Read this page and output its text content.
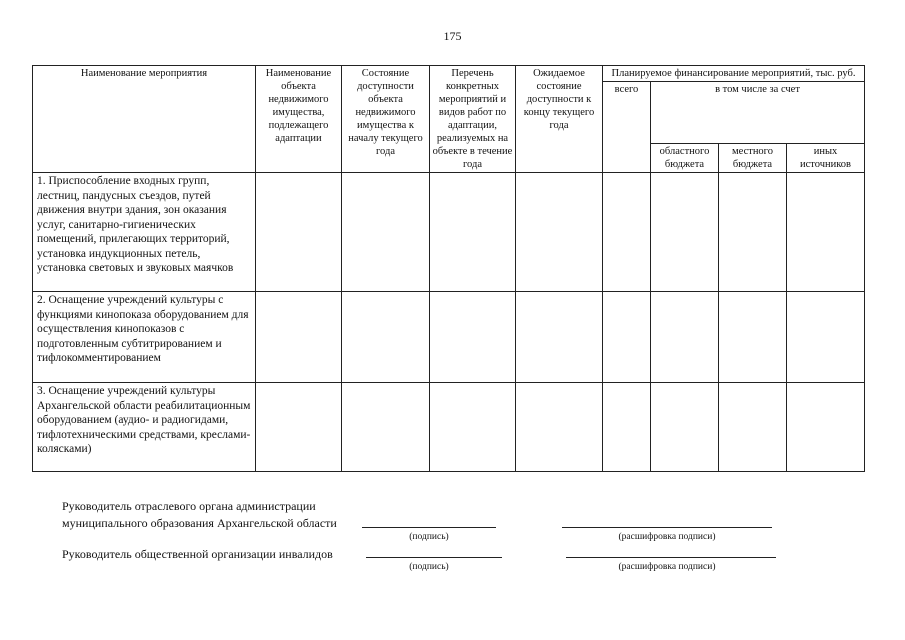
175
Наименование мероприятия	Наименование объекта недвижимого имущества, подлежащего адаптации	Состояние доступности объекта недвижимого имущества к началу текущего года	Перечень конкретных мероприятий и видов работ по адаптации, реализуемых на объекте в течение года	Ожидаемое состояние доступности к концу текущего года	Планируемое финансирование мероприятий, тыс. руб.			
					всего	в том числе за счет		
						областного бюджета	местного бюджета	иных источников
1. Приспособление входных групп, лестниц, пандусных съездов, путей движения внутри здания, зон оказания услуг, санитарно-гигиенических помещений, прилегающих территорий, установка индукционных петель, установка световых и звуковых маячков								
2. Оснащение учреждений культуры с функциями кинопоказа оборудованием для осуществления кинопоказов с подготовленным субтитрированием и тифлокомментированием								
3. Оснащение учреждений культуры Архангельской области реабилитационным оборудованием (аудио- и радиогидами, тифлотехническими средствами, креслами-колясками)								
Руководитель отраслевого органа администрации
муниципального образования Архангельской области
(подпись)	(расшифровка подписи)
Руководитель общественной организации инвалидов
(подпись)	(расшифровка подписи)
